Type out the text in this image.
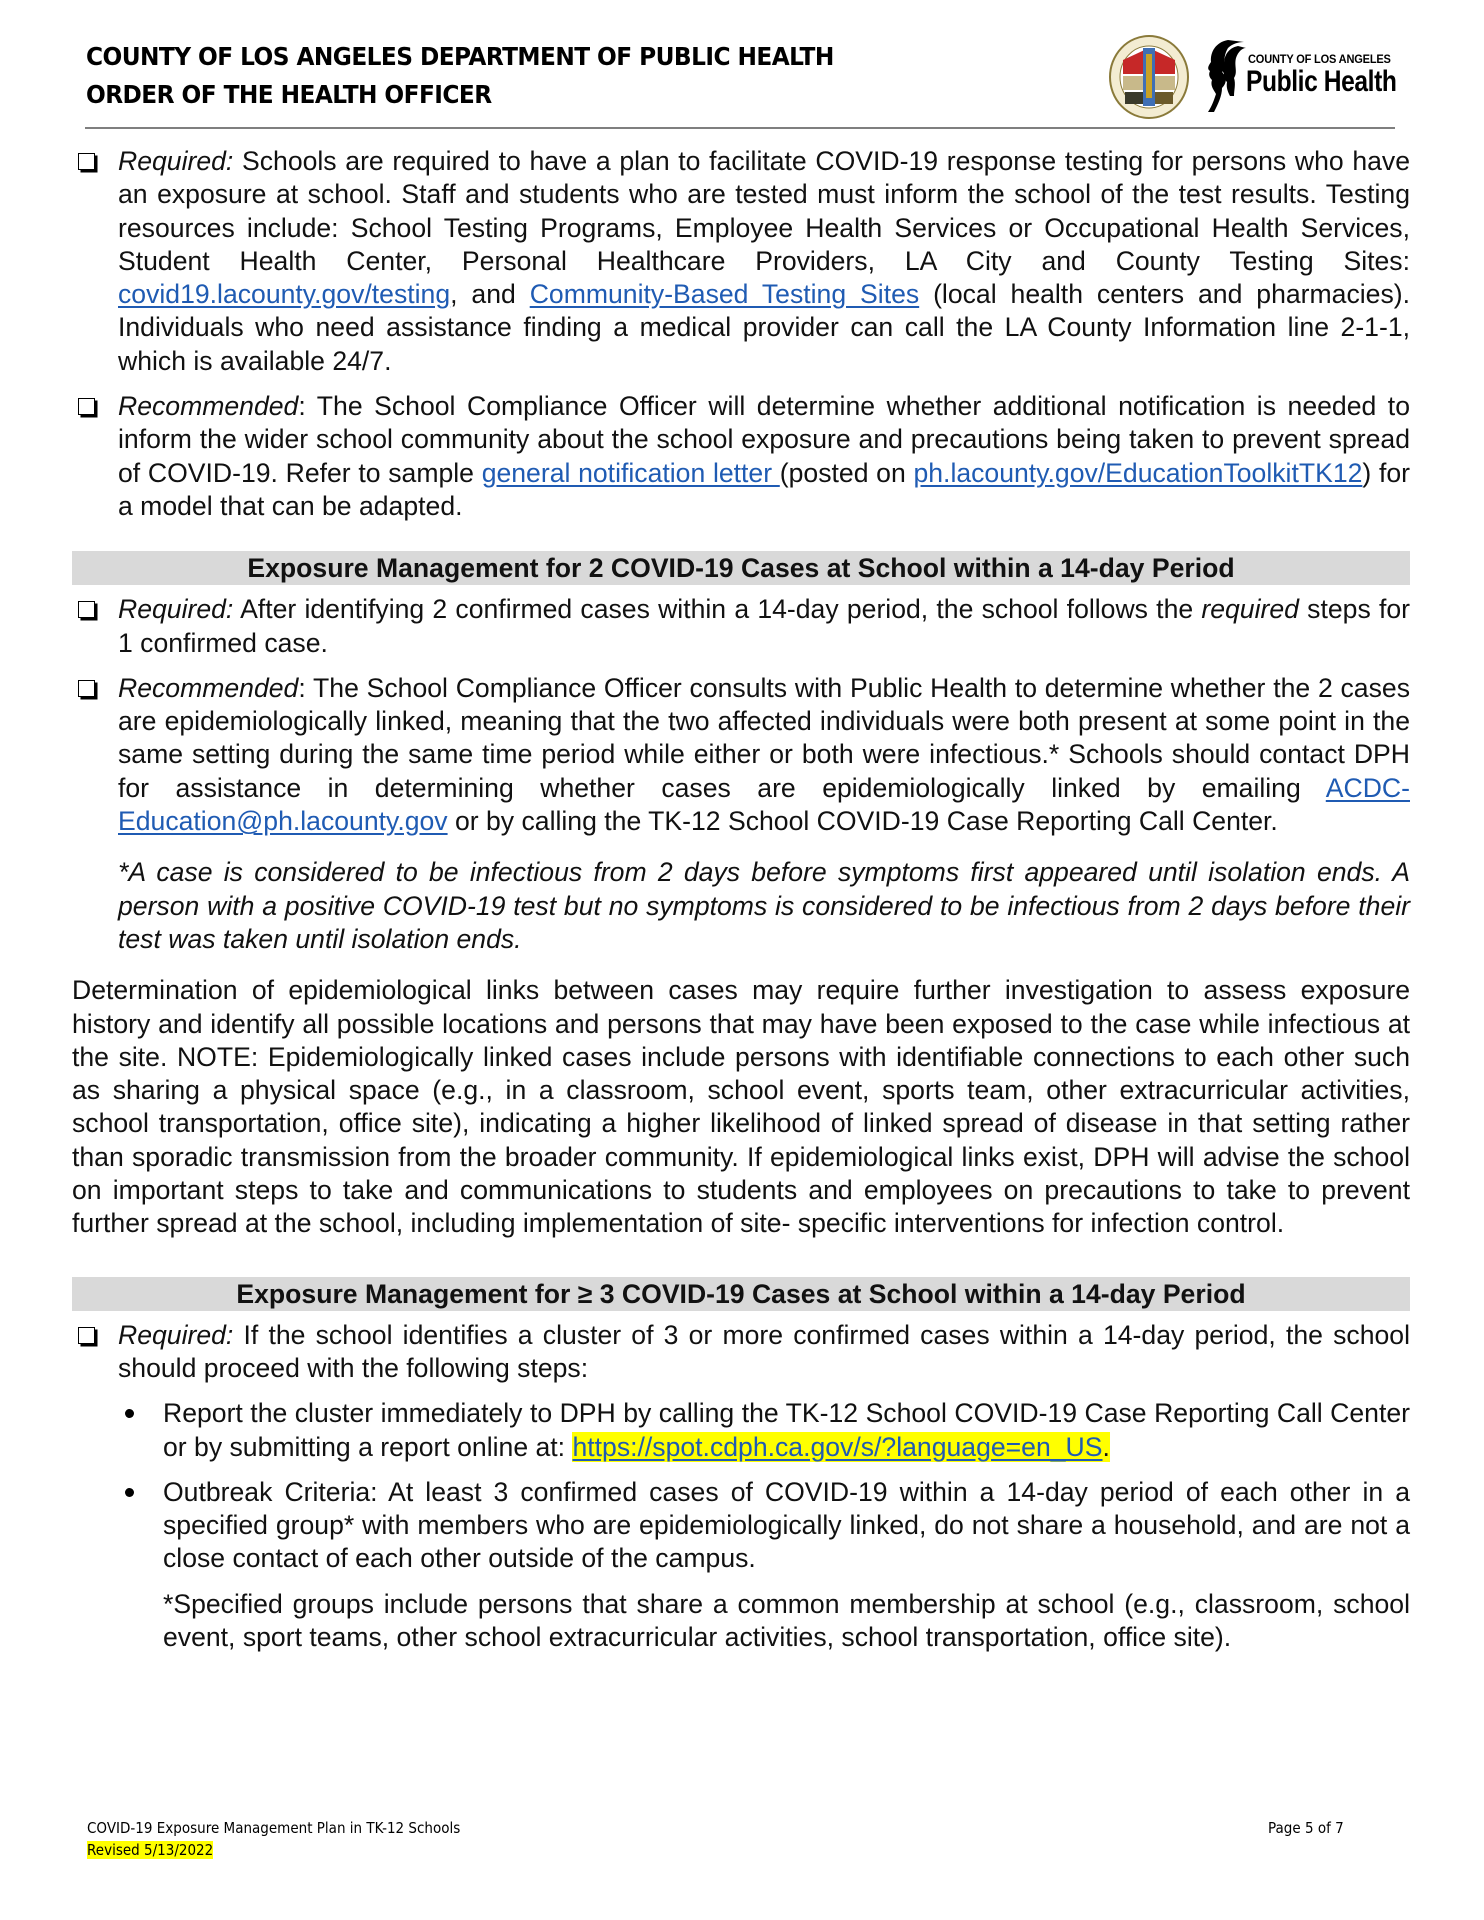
COUNTY OF LOS ANGELES DEPARTMENT OF PUBLIC HEALTH
ORDER OF THE HEALTH OFFICER
COUNTY OF LOS ANGELES
Public Health
Required: Schools are required to have a plan to facilitate COVID-19 response testing for persons who have an exposure at school. Staff and students who are tested must inform the school of the test results. Testing resources include: School Testing Programs, Employee Health Services or Occupational Health Services, Student Health Center, Personal Healthcare Providers, LA City and County Testing Sites: covid19.lacounty.gov/testing, and Community-Based Testing Sites (local health centers and pharmacies). Individuals who need assistance finding a medical provider can call the LA County Information line 2-1-1, which is available 24/7.
Recommended: The School Compliance Officer will determine whether additional notification is needed to inform the wider school community about the school exposure and precautions being taken to prevent spread of COVID-19. Refer to sample general notification letter (posted on ph.lacounty.gov/EducationToolkitTK12) for a model that can be adapted.
Exposure Management for 2 COVID-19 Cases at School within a 14-day Period
Required: After identifying 2 confirmed cases within a 14-day period, the school follows the required steps for 1 confirmed case.
Recommended: The School Compliance Officer consults with Public Health to determine whether the 2 cases are epidemiologically linked, meaning that the two affected individuals were both present at some point in the same setting during the same time period while either or both were infectious.* Schools should contact DPH for assistance in determining whether cases are epidemiologically linked by emailing ACDC-Education@ph.lacounty.gov or by calling the TK-12 School COVID-19 Case Reporting Call Center.
*A case is considered to be infectious from 2 days before symptoms first appeared until isolation ends. A person with a positive COVID-19 test but no symptoms is considered to be infectious from 2 days before their test was taken until isolation ends.
Determination of epidemiological links between cases may require further investigation to assess exposure history and identify all possible locations and persons that may have been exposed to the case while infectious at the site. NOTE: Epidemiologically linked cases include persons with identifiable connections to each other such as sharing a physical space (e.g., in a classroom, school event, sports team, other extracurricular activities, school transportation, office site), indicating a higher likelihood of linked spread of disease in that setting rather than sporadic transmission from the broader community. If epidemiological links exist, DPH will advise the school on important steps to take and communications to students and employees on precautions to take to prevent further spread at the school, including implementation of site- specific interventions for infection control.
Exposure Management for ≥ 3 COVID-19 Cases at School within a 14-day Period
Required: If the school identifies a cluster of 3 or more confirmed cases within a 14-day period, the school should proceed with the following steps:
Report the cluster immediately to DPH by calling the TK-12 School COVID-19 Case Reporting Call Center or by submitting a report online at: https://spot.cdph.ca.gov/s/?language=en_US.
Outbreak Criteria: At least 3 confirmed cases of COVID-19 within a 14-day period of each other in a specified group* with members who are epidemiologically linked, do not share a household, and are not a close contact of each other outside of the campus.
*Specified groups include persons that share a common membership at school (e.g., classroom, school event, sport teams, other school extracurricular activities, school transportation, office site).
COVID-19 Exposure Management Plan in TK-12 Schools
Revised 5/13/2022
Page 5 of 7
